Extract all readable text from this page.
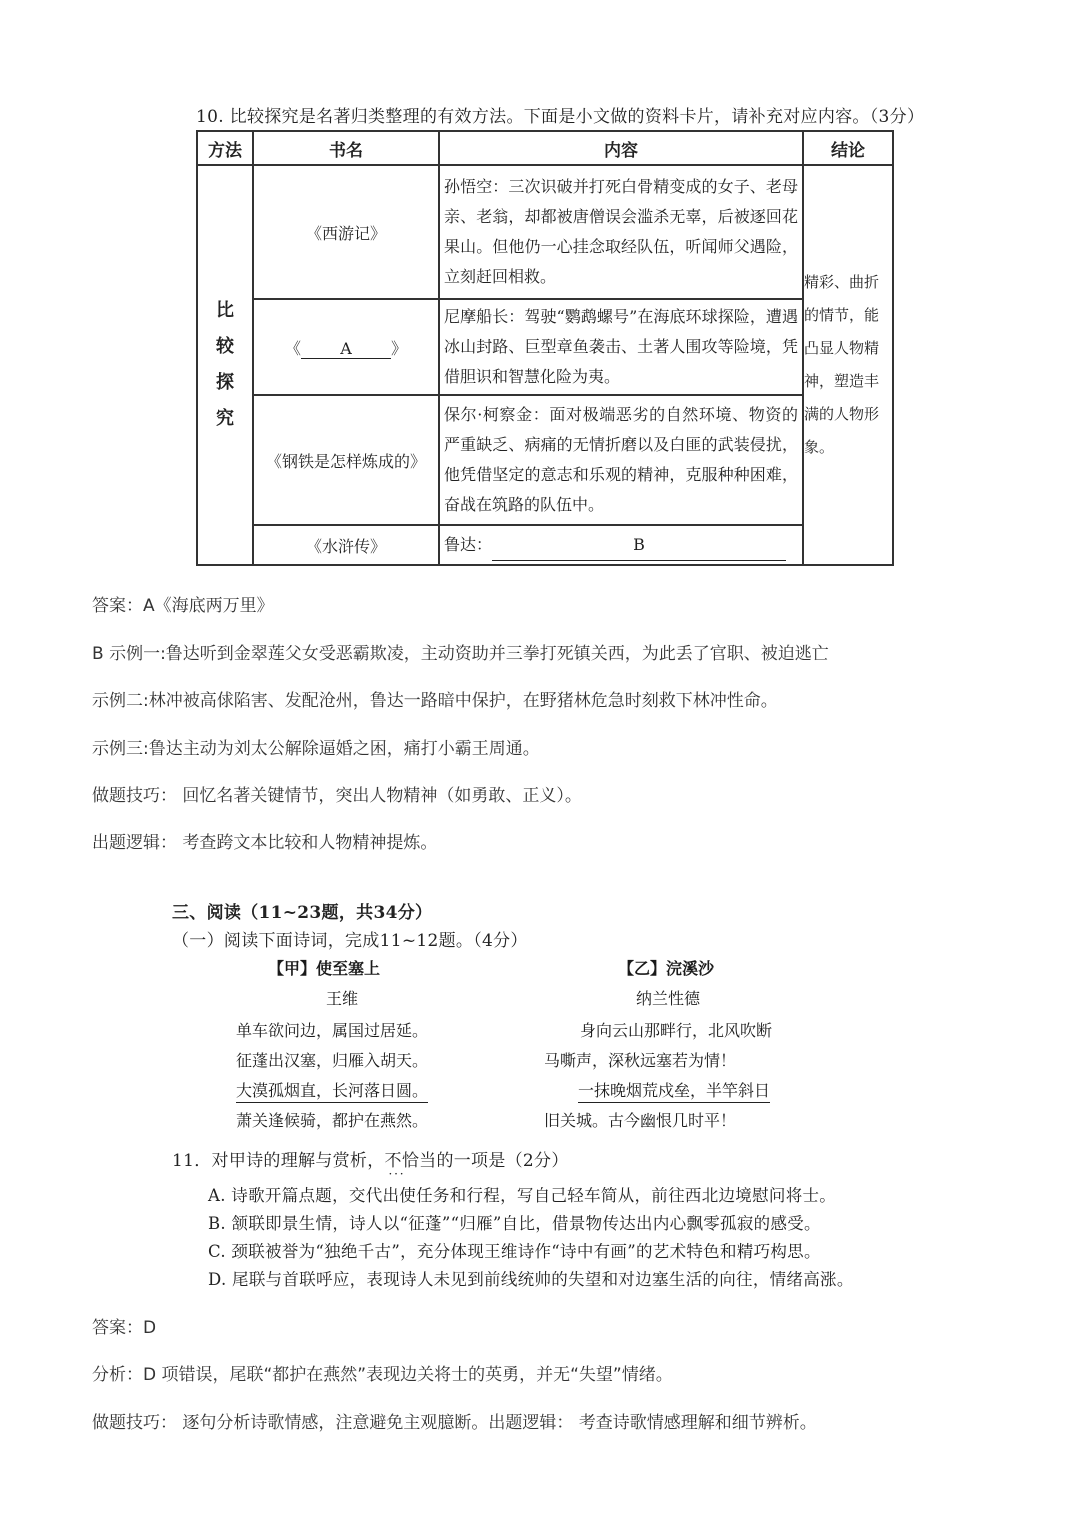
10. 比较探究是名著归类整理的有效方法。下面是小文做的资料卡片，请补充对应内容。（3分）
方法	书名	内容	结论

比
较
探
究	《西游记》	孙悟空：三次识破并打死白骨精变成的女子、老母亲、老翁，却都被唐僧误会滥杀无辜，后被逐回花果山。但他仍一心挂念取经队伍，听闻师父遇险，立刻赶回相救。	精彩、曲折的情节，能凸显人物精神，塑造丰满的人物形象。
	《 A 》	尼摩船长：驾驶“鹦鹉螺号”在海底环球探险，遭遇冰山封路、巨型章鱼袭击、土著人围攻等险境，凭借胆识和智慧化险为夷。	

	《钢铁是怎样炼成的》	保尔·柯察金：面对极端恶劣的自然环境、物资的严重缺乏、病痛的无情折磨以及白匪的武装侵扰，他凭借坚定的意志和乐观的精神，克服种种困难，奋战在筑路的队伍中。	

	《水浒传》	鲁达： B	
答案：A《海底两万里》
B 示例一:鲁达听到金翠莲父女受恶霸欺凌，主动资助并三拳打死镇关西，为此丢了官职、被迫逃亡
示例二:林冲被高俅陷害、发配沧州，鲁达一路暗中保护，在野猪林危急时刻救下林冲性命。
示例三:鲁达主动为刘太公解除逼婚之困，痛打小霸王周通。
做题技巧： 回忆名著关键情节，突出人物精神（如勇敢、正义）。
出题逻辑： 考查跨文本比较和人物精神提炼。
三、阅读（11~23题，共34分）
（一）阅读下面诗词，完成11~12题。（4分）
【甲】使至塞上
王维
单车欲问边，属国过居延。
征蓬出汉塞，归雁入胡天。
大漠孤烟直，长河落日圆。
萧关逢候骑，都护在燕然。
【乙】浣溪沙
纳兰性德
身向云山那畔行，北风吹断
马嘶声，深秋远塞若为情！
一抹晚烟荒戍垒，半竿斜日
旧关城。古今幽恨几时平！
11．对甲诗的理解与赏析，不恰当 · · ·的一项是（2分）
A. 诗歌开篇点题，交代出使任务和行程，写自己轻车简从，前往西北边境慰问将士。
B. 颔联即景生情，诗人以“征蓬”“归雁”自比，借景物传达出内心飘零孤寂的感受。
C. 颈联被誉为“独绝千古”，充分体现王维诗作“诗中有画”的艺术特色和精巧构思。
D. 尾联与首联呼应，表现诗人未见到前线统帅的失望和对边塞生活的向往，情绪高涨。
答案：D
分析：D 项错误，尾联“都护在燕然”表现边关将士的英勇，并无“失望”情绪。
做题技巧： 逐句分析诗歌情感，注意避免主观臆断。出题逻辑： 考查诗歌情感理解和细节辨析。
